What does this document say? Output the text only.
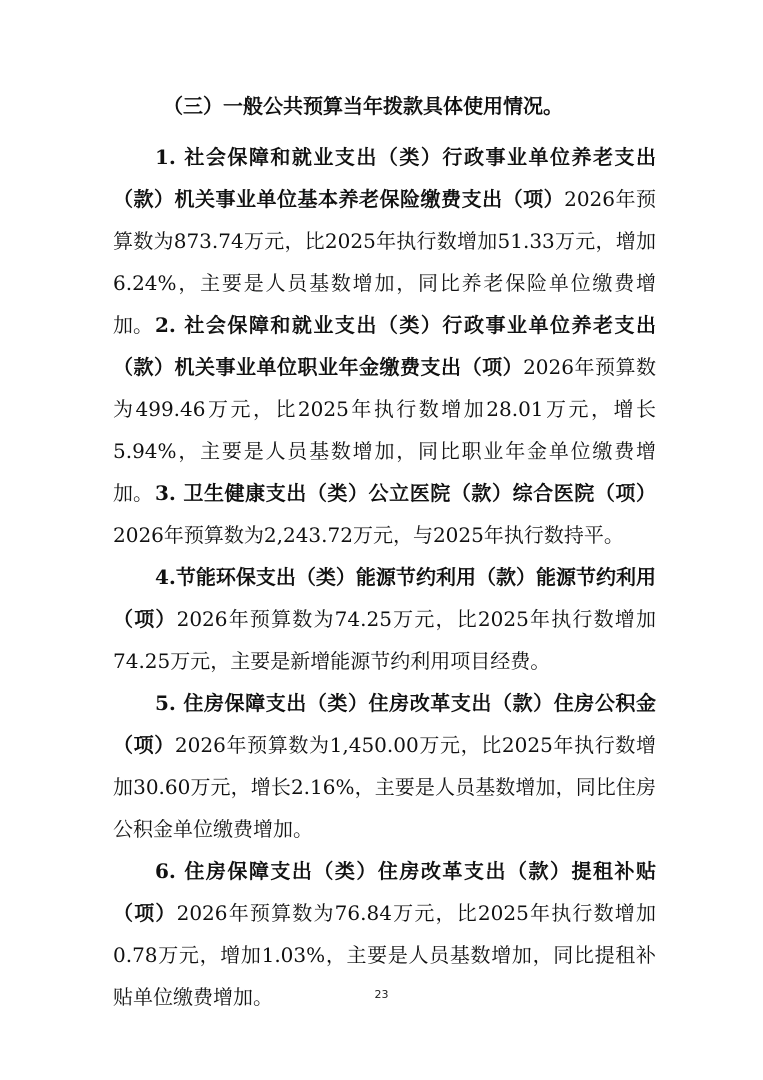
（三）一般公共预算当年拨款具体使用情况。

1. 社会保障和就业支出（类）行政事业单位养老支出（款）机关事业单位基本养老保险缴费支出（项）2026年预算数为873.74万元，比2025年执行数增加51.33万元，增加6.24%，主要是人员基数增加，同比养老保险单位缴费增加。 2. 社会保障和就业支出（类）行政事业单位养老支出（款）机关事业单位职业年金缴费支出（项）2026年预算数为499.46万元，比2025年执行数增加28.01万元，增长5.94%，主要是人员基数增加，同比职业年金单位缴费增加。 3. 卫生健康支出（类）公立医院（款）综合医院（项）2026年预算数为2,243.72万元，与2025年执行数持平。

4.节能环保支出（类）能源节约利用（款）能源节约利用（项）2026年预算数为74.25万元，比2025年执行数增加74.25万元，主要是新增能源节约利用项目经费。

5. 住房保障支出（类）住房改革支出（款）住房公积金（项）2026年预算数为1,450.00万元，比2025年执行数增加30.60万元，增长2.16%，主要是人员基数增加，同比住房公积金单位缴费增加。

6. 住房保障支出（类）住房改革支出（款）提租补贴（项）2026年预算数为76.84万元，比2025年执行数增加0.78万元，增加1.03%，主要是人员基数增加，同比提租补贴单位缴费增加。	23
